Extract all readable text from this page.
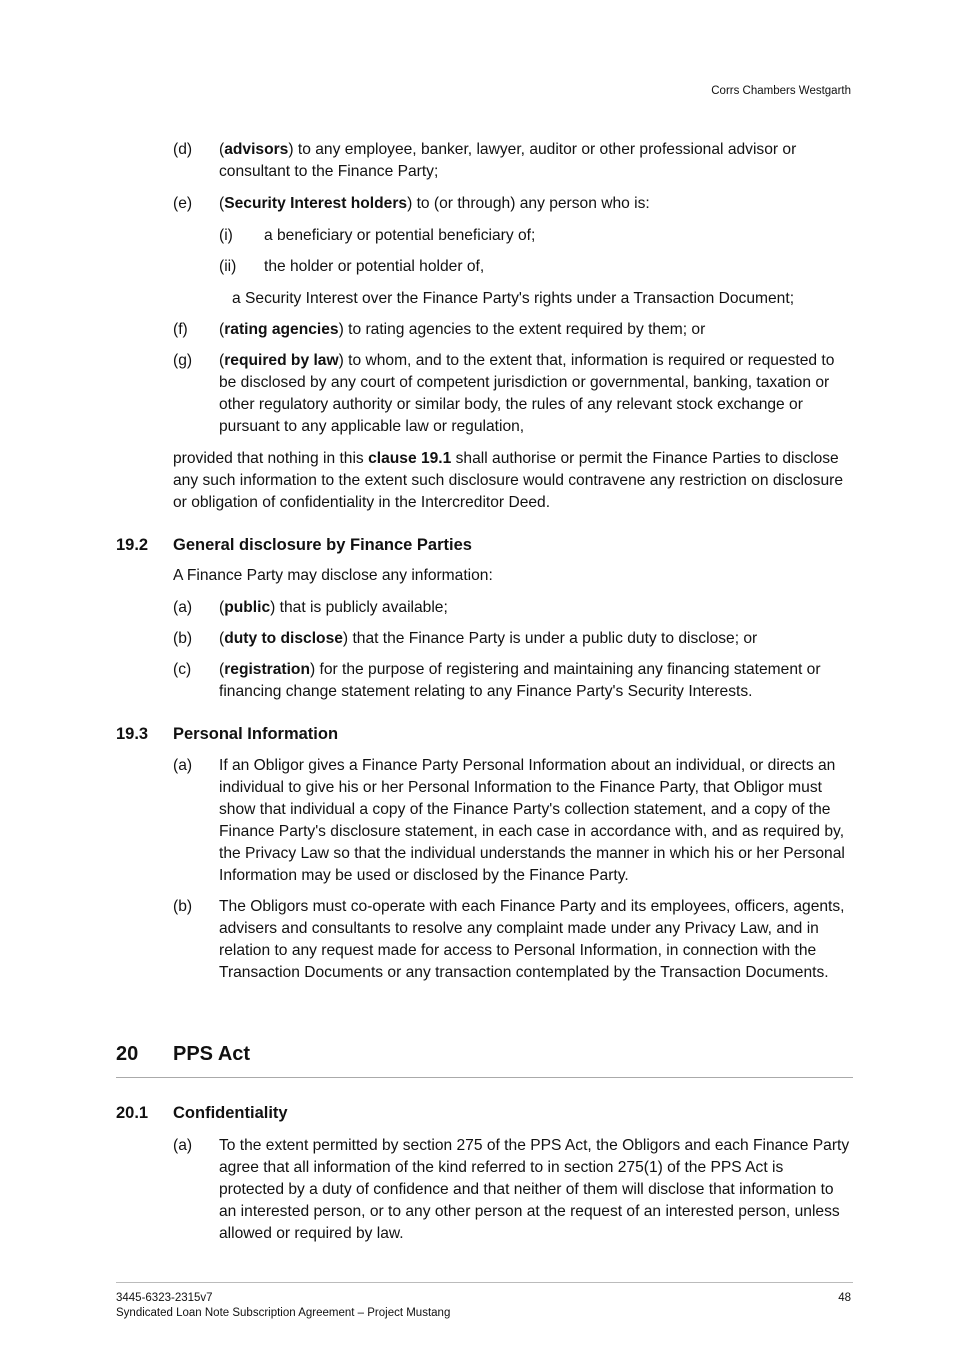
Corrs Chambers Westgarth
(d) (advisors) to any employee, banker, lawyer, auditor or other professional advisor or consultant to the Finance Party;
(e) (Security Interest holders) to (or through) any person who is:
(i) a beneficiary or potential beneficiary of;
(ii) the holder or potential holder of,
a Security Interest over the Finance Party's rights under a Transaction Document;
(f) (rating agencies) to rating agencies to the extent required by them; or
(g) (required by law) to whom, and to the extent that, information is required or requested to be disclosed by any court of competent jurisdiction or governmental, banking, taxation or other regulatory authority or similar body, the rules of any relevant stock exchange or pursuant to any applicable law or regulation,
provided that nothing in this clause 19.1 shall authorise or permit the Finance Parties to disclose any such information to the extent such disclosure would contravene any restriction on disclosure or obligation of confidentiality in the Intercreditor Deed.
19.2 General disclosure by Finance Parties
A Finance Party may disclose any information:
(a) (public) that is publicly available;
(b) (duty to disclose) that the Finance Party is under a public duty to disclose; or
(c) (registration) for the purpose of registering and maintaining any financing statement or financing change statement relating to any Finance Party's Security Interests.
19.3 Personal Information
(a) If an Obligor gives a Finance Party Personal Information about an individual, or directs an individual to give his or her Personal Information to the Finance Party, that Obligor must show that individual a copy of the Finance Party's collection statement, and a copy of the Finance Party's disclosure statement, in each case in accordance with, and as required by, the Privacy Law so that the individual understands the manner in which his or her Personal Information may be used or disclosed by the Finance Party.
(b) The Obligors must co-operate with each Finance Party and its employees, officers, agents, advisers and consultants to resolve any complaint made under any Privacy Law, and in relation to any request made for access to Personal Information, in connection with the Transaction Documents or any transaction contemplated by the Transaction Documents.
20 PPS Act
20.1 Confidentiality
(a) To the extent permitted by section 275 of the PPS Act, the Obligors and each Finance Party agree that all information of the kind referred to in section 275(1) of the PPS Act is protected by a duty of confidence and that neither of them will disclose that information to an interested person, or to any other person at the request of an interested person, unless allowed or required by law.
3445-6323-2315v7
Syndicated Loan Note Subscription Agreement – Project Mustang
48
